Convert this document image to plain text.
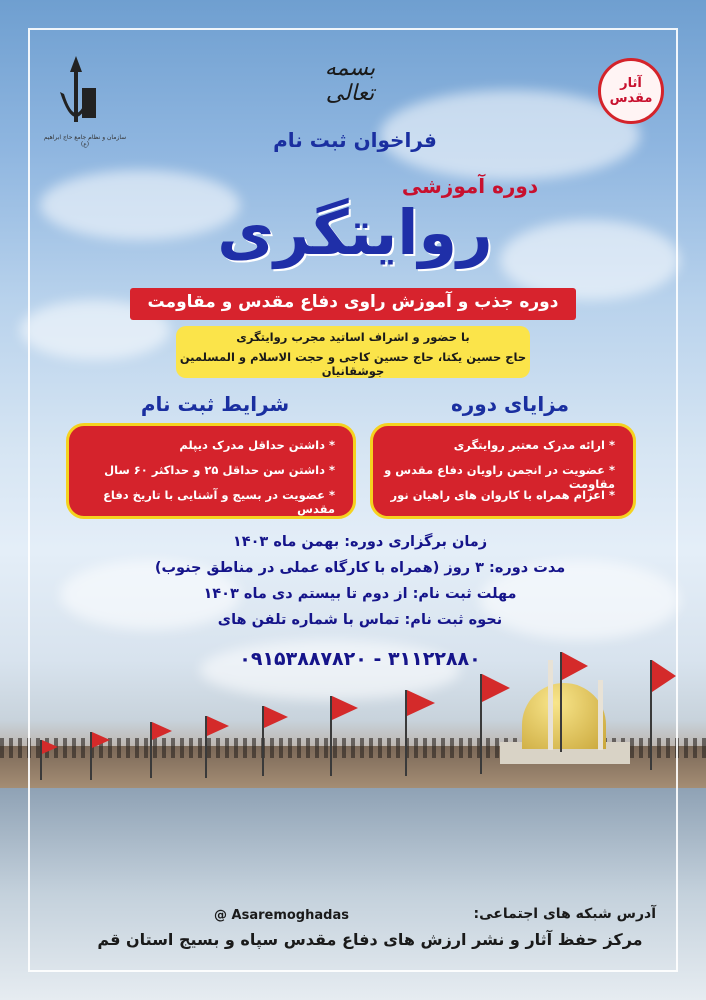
سازمان و نظام جامع حاج ابراهیم (ع)
آثار مقدس
بسمه تعالی
فراخوان ثبت نام
دوره آموزشی
روایتگری
دوره جذب و آموزش راوی دفاع مقدس و مقاومت
با حضور و اشراف اساتید مجرب روایتگری
حاج حسین یکتا، حاج حسین کاجی و حجت الاسلام و المسلمین جوشقانیان
شرایط ثبت نام	مزایای دوره
* داشتن حداقل مدرک دیپلم
* داشتن سن حداقل ۲۵ و حداکثر ۶۰ سال
* عضویت در بسیج و آشنایی با تاریخ دفاع مقدس
* ارائه مدرک معتبر روایتگری
* عضویت در انجمن راویان دفاع مقدس و مقاومت
* اعزام همراه با کاروان های راهیان نور
زمان برگزاری دوره: بهمن ماه ۱۴۰۳
مدت دوره: ۳ روز (همراه با کارگاه عملی در مناطق جنوب)
مهلت ثبت نام: از دوم تا بیستم دی ماه ۱۴۰۳
نحوه ثبت نام: تماس با شماره تلفن های
۰۹۱۵۳۸۸۷۸۲۰ - ۳۱۱۲۲۸۸۰
آدرس شبکه های اجتماعی:
@ Asaremoghadas
مرکز حفظ آثار و نشر ارزش های دفاع مقدس سپاه و بسیج استان قم
